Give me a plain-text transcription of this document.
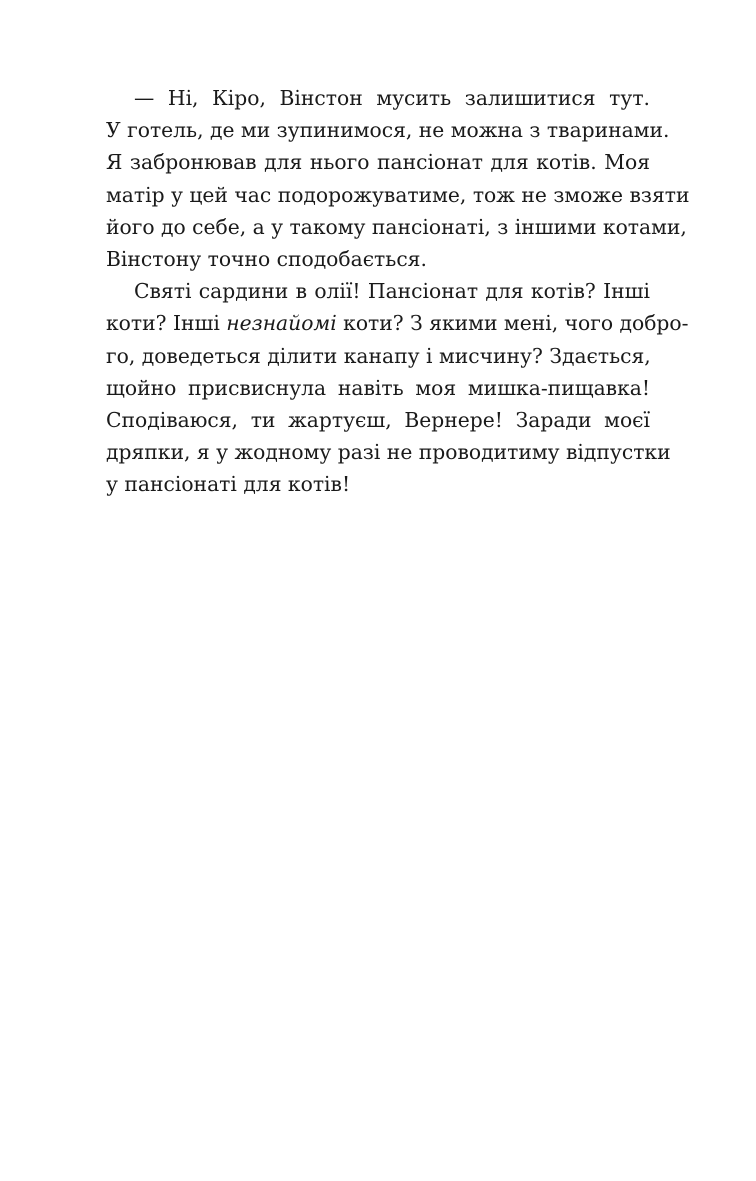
— Ні, Кіро, Вінстон мусить залишитися тут.
У готель, де ми зупинимося, не можна з тваринами.
Я забронював для нього пансіонат для котів. Моя
матір у цей час подорожуватиме, тож не зможе взяти
його до себе, а у такому пансіонаті, з іншими котами,
Вінстону точно сподобається.

Святі сардини в олії! Пансіонат для котів? Інші
коти? Інші незнайомі коти? З якими мені, чого добро-
го, доведеться ділити канапу і мисчину? Здається,
щойно присвиснула навіть моя мишка-пищавка!
Сподіваюся, ти жартуєш, Вернере! Заради моєї
дряпки, я у жодному разі не проводитиму відпустки
у пансіонаті для котів!
